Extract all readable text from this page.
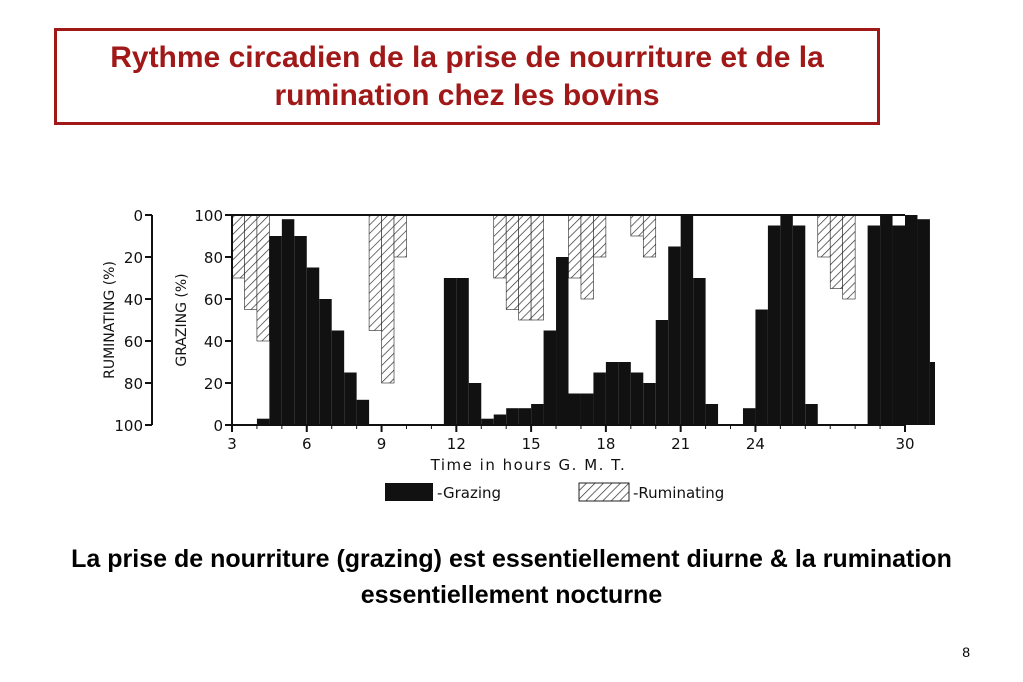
Rythme circadien de la prise de nourriture et de la rumination chez les bovins
100
80
60
40
20
0
0
20
40
60
80
100
RUMINATING (%)	GRAZING (%)
3	6	9	12	15	18	21	24	30
Time in hours G. M. T.
-Grazing	-Ruminating
La prise de nourriture (grazing) est essentiellement diurne & la rumination essentiellement nocturne
8
